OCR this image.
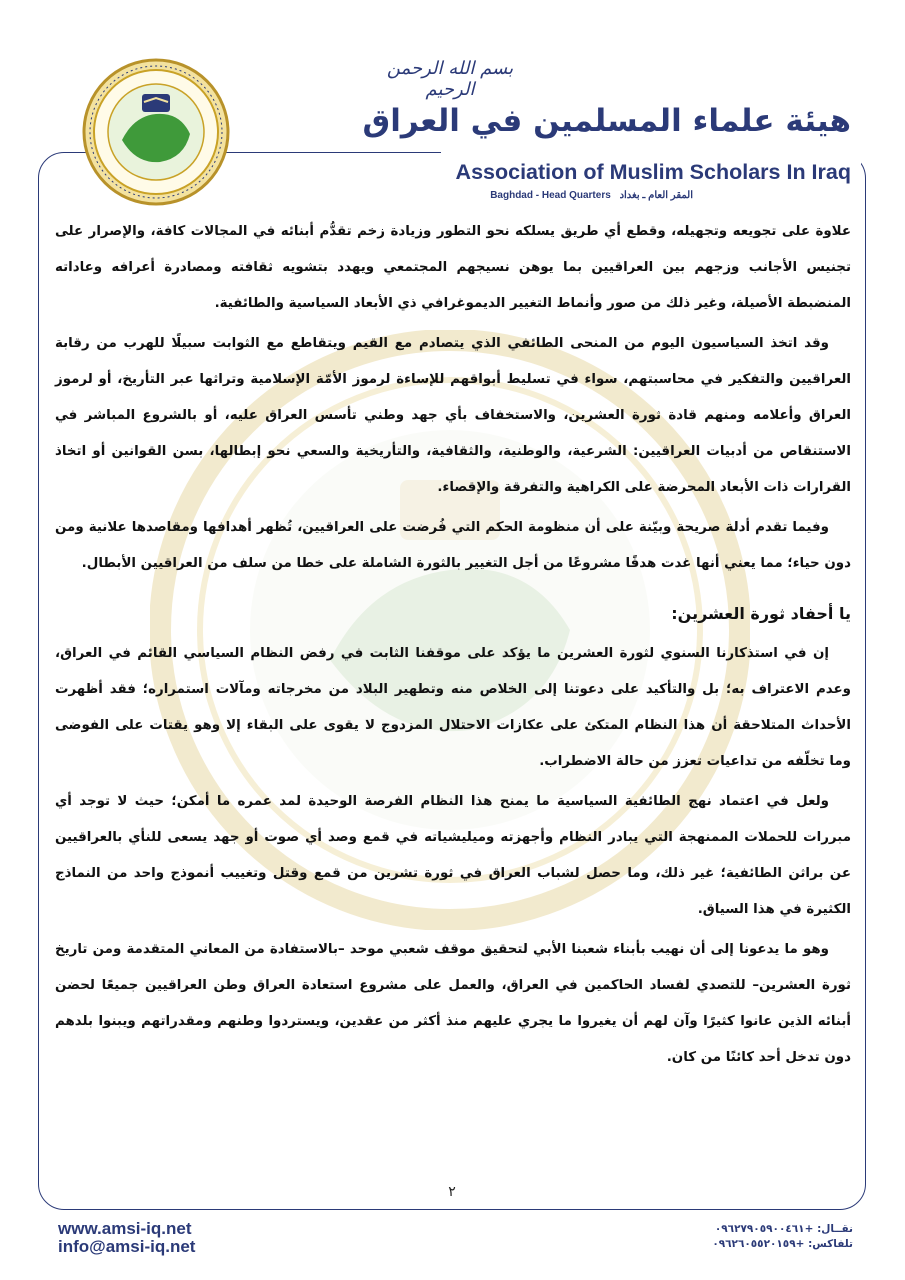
بسم الله الرحمن الرحيم
هيئة علماء المسلمين في العراق
Association of Muslim Scholars In Iraq
المقر العام ـ بغداد Baghdad - Head Quarters

علاوة على تجويعه وتجهيله، وقطع أي طريق يسلكه نحو التطور وزيادة زخم تقدُّم أبنائه في المجالات كافة، والإصرار على تجنيس الأجانب وزجهم بين العراقيين بما يوهن نسيجهم المجتمعي ويهدد بتشويه ثقافته ومصادرة أعرافه وعاداته المنضبطة الأصيلة، وغير ذلك من صور وأنماط التغيير الديموغرافي ذي الأبعاد السياسية والطائفية.

وقد اتخذ السياسيون اليوم من المنحى الطائفي الذي يتصادم مع القيم ويتقاطع مع الثوابت سبيلًا للهرب من رقابة العراقيين والتفكير في محاسبتهم، سواء في تسليط أبواقهم للإساءة لرموز الأمّة الإسلامية وتراثها عبر التأريخ، أو لرموز العراق وأعلامه ومنهم قادة ثورة العشرين، والاستخفاف بأي جهد وطني تأسس العراق عليه، أو بالشروع المباشر في الاستنقاص من أدبيات العراقيين: الشرعية، والوطنية، والثقافية، والتأريخية والسعي نحو إبطالها، بسن القوانين أو اتخاذ القرارات ذات الأبعاد المحرضة على الكراهية والتفرقة والإقصاء.

وفيما تقدم أدلة صريحة وبيّنة على أن منظومة الحكم التي فُرضت على العراقيين، تُظهر أهدافها ومقاصدها علانية ومن دون حياء؛ مما يعني أنها غدت هدفًا مشروعًا من أجل التغيير بالثورة الشاملة على خطا من سلف من العراقيين الأبطال.

يا أحفاد ثورة العشرين:

إن في استذكارنا السنوي لثورة العشرين ما يؤكد على موقفنا الثابت في رفض النظام السياسي القائم في العراق، وعدم الاعتراف به؛ بل والتأكيد على دعوتنا إلى الخلاص منه وتطهير البلاد من مخرجاته ومآلات استمراره؛ فقد أظهرت الأحداث المتلاحقة أن هذا النظام المتكئ على عكازات الاحتلال المزدوج لا يقوى على البقاء إلا وهو يقتات على الفوضى وما تخلّفه من تداعيات تعزز من حالة الاضطراب.

ولعل في اعتماد نهج الطائفية السياسية ما يمنح هذا النظام الفرصة الوحيدة لمد عمره ما أمكن؛ حيث لا توجد أي مبررات للحملات الممنهجة التي يبادر النظام وأجهزته وميليشياته في قمع وصد أي صوت أو جهد يسعى للنأي بالعراقيين عن براثن الطائفية؛ غير ذلك، وما حصل لشباب العراق في ثورة تشرين من قمع وقتل وتغييب أنموذج واحد من النماذج الكثيرة في هذا السياق.

وهو ما يدعونا إلى أن نهيب بأبناء شعبنا الأبي لتحقيق موقف شعبي موحد –بالاستفادة من المعاني المتقدمة ومن تاريخ ثورة العشرين– للتصدي لفساد الحاكمين في العراق، والعمل على مشروع استعادة العراق وطن العراقيين جميعًا لحضن أبنائه الذين عانوا كثيرًا وآن لهم أن يغيروا ما يجري عليهم منذ أكثر من عقدين، ويستردوا وطنهم ومقدراتهم ويبنوا بلدهم دون تدخل أحد كائنًا من كان.

٢
www.amsi-iq.net
info@amsi-iq.net
نقــال: ٠٩٦٢٧٩٠٥٩٠٠٤٦١+
تلفاكس: ٠٩٦٢٦٠٥٥٢٠١٥٩+
